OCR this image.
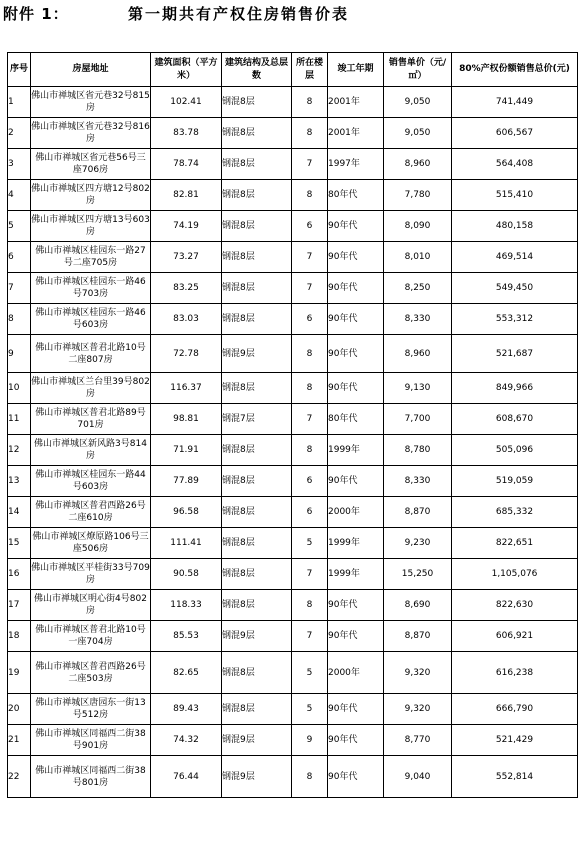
附件 1：	第一期共有产权住房销售价表
序号	房屋地址	建筑面积（平方米）	建筑结构及总层数	所在楼层	竣工年期	销售单价（元/㎡）	80%产权份额销售总价(元)
1	佛山市禅城区省元巷32号815房	102.41	钢混8层	8	2001年	9,050	741,449
2	佛山市禅城区省元巷32号816房	83.78	钢混8层	8	2001年	9,050	606,567
3	佛山市禅城区省元巷56号三座706房	78.74	钢混8层	7	1997年	8,960	564,408
4	佛山市禅城区四方塘12号802房	82.81	钢混8层	8	80年代	7,780	515,410
5	佛山市禅城区四方塘13号603房	74.19	钢混8层	6	90年代	8,090	480,158
6	佛山市禅城区桂园东一路27号二座705房	73.27	钢混8层	7	90年代	8,010	469,514
7	佛山市禅城区桂园东一路46号703房	83.25	钢混8层	7	90年代	8,250	549,450
8	佛山市禅城区桂园东一路46号603房	83.03	钢混8层	6	90年代	8,330	553,312
9	佛山市禅城区普君北路10号二座807房	72.78	钢混9层	8	90年代	8,960	521,687
10	佛山市禅城区兰台里39号802房	116.37	钢混8层	8	90年代	9,130	849,966
11	佛山市禅城区普君北路89号701房	98.81	钢混7层	7	80年代	7,700	608,670
12	佛山市禅城区新风路3号814房	71.91	钢混8层	8	1999年	8,780	505,096
13	佛山市禅城区桂园东一路44号603房	77.89	钢混8层	6	90年代	8,330	519,059
14	佛山市禅城区普君西路26号二座610房	96.58	钢混8层	6	2000年	8,870	685,332
15	佛山市禅城区燎原路106号三座506房	111.41	钢混8层	5	1999年	9,230	822,651
16	佛山市禅城区平桂街33号709房	90.58	钢混8层	7	1999年	15,250	1,105,076
17	佛山市禅城区明心街4号802房	118.33	钢混8层	8	90年代	8,690	822,630
18	佛山市禅城区普君北路10号一座704房	85.53	钢混9层	7	90年代	8,870	606,921
19	佛山市禅城区普君西路26号二座503房	82.65	钢混8层	5	2000年	9,320	616,238
20	佛山市禅城区唐园东一街13号512房	89.43	钢混8层	5	90年代	9,320	666,790
21	佛山市禅城区同福西二街38号901房	74.32	钢混9层	9	90年代	8,770	521,429
22	佛山市禅城区同福西二街38号801房	76.44	钢混9层	8	90年代	9,040	552,814
